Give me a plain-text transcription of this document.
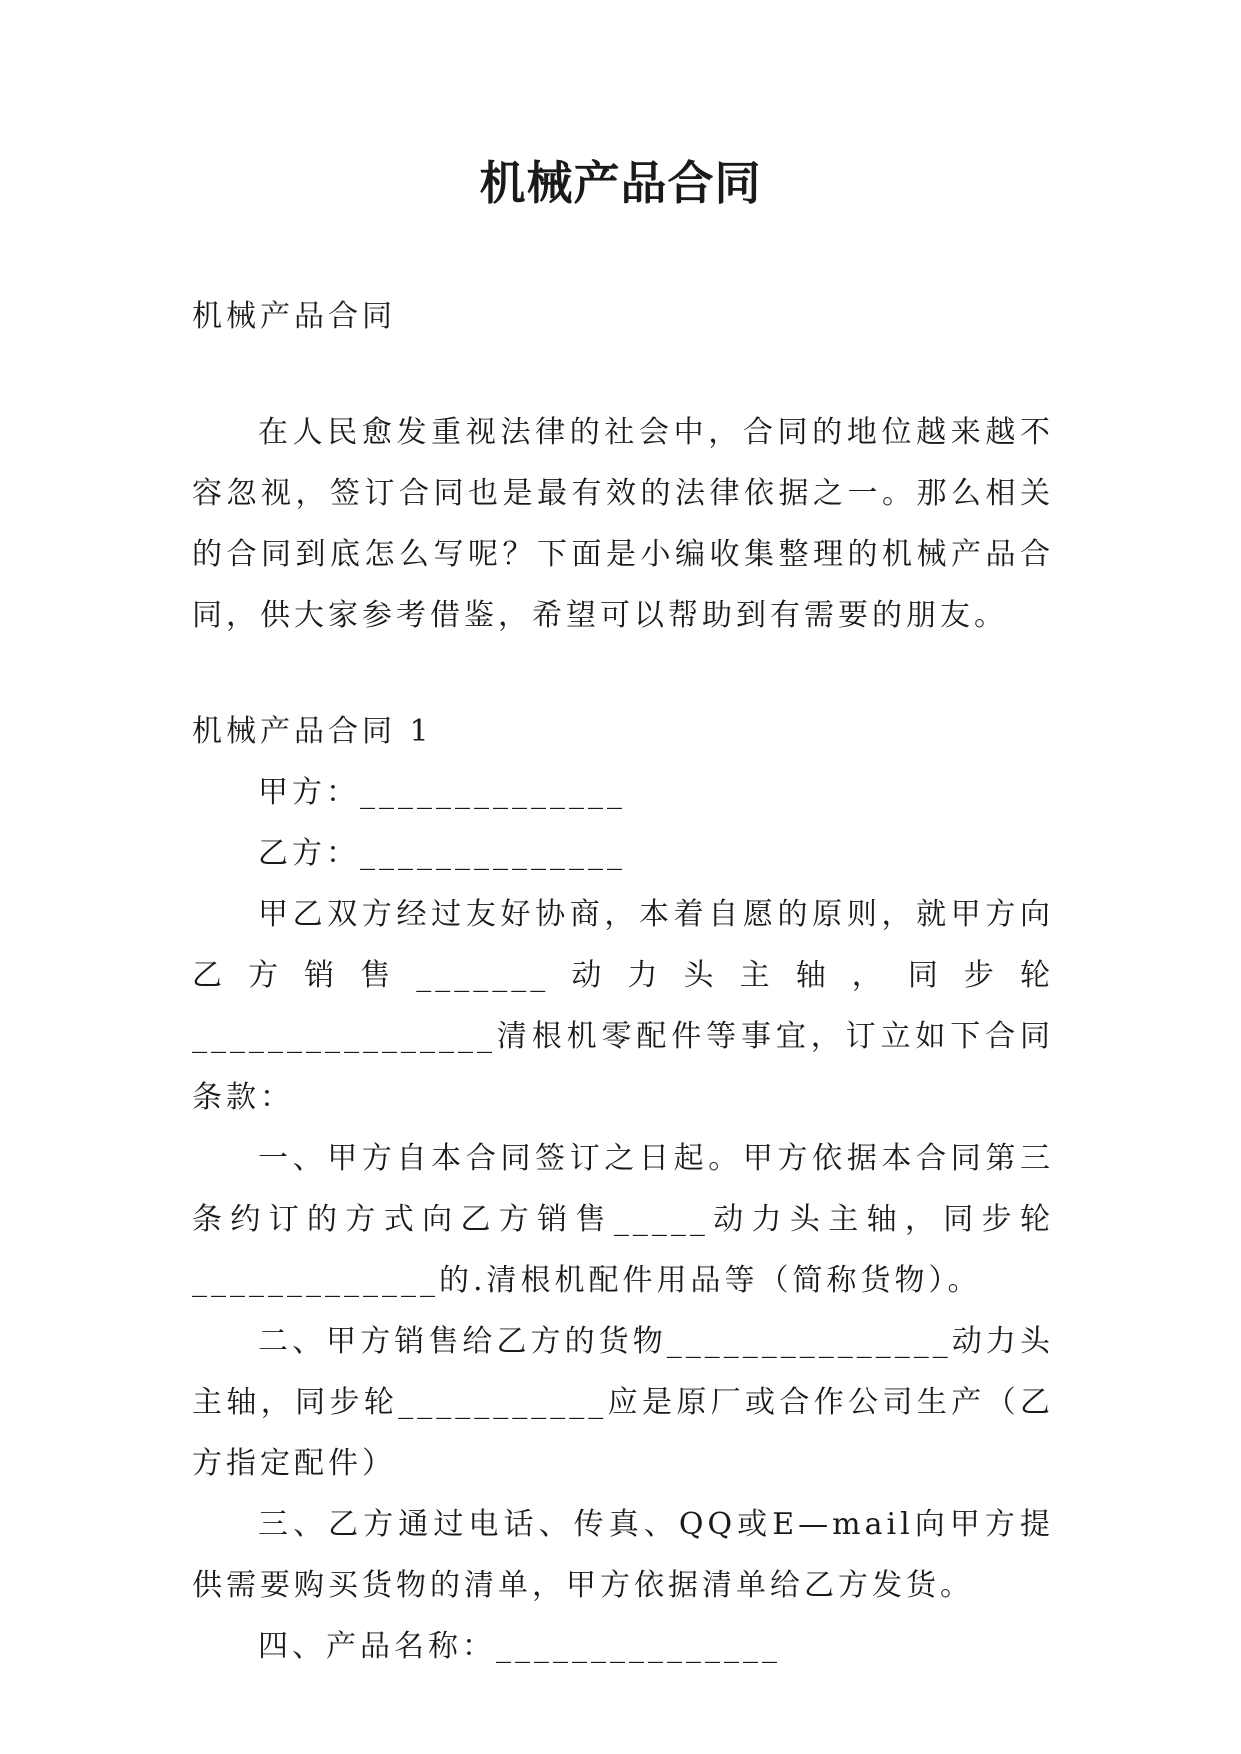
机械产品合同

机械产品合同

在人民愈发重视法律的社会中，合同的地位越来越不容忽视，签订合同也是最有效的法律依据之一。那么相关的合同到底怎么写呢？下面是小编收集整理的机械产品合同，供大家参考借鉴，希望可以帮助到有需要的朋友。

机械产品合同 1

甲方：______________

乙方：______________

甲乙双方经过友好协商，本着自愿的原则，就甲方向乙方销售_______动力头主轴，同步轮________________清根机零配件等事宜，订立如下合同条款：

一、甲方自本合同签订之日起。甲方依据本合同第三条约订的方式向乙方销售_____动力头主轴，同步轮_____________的.清根机配件用品等（简称货物）。

二、甲方销售给乙方的货物_______________动力头主轴，同步轮___________应是原厂或合作公司生产（乙方指定配件）

三、乙方通过电话、传真、QQ或E—mail向甲方提供需要购买货物的清单，甲方依据清单给乙方发货。

四、产品名称：_______________
